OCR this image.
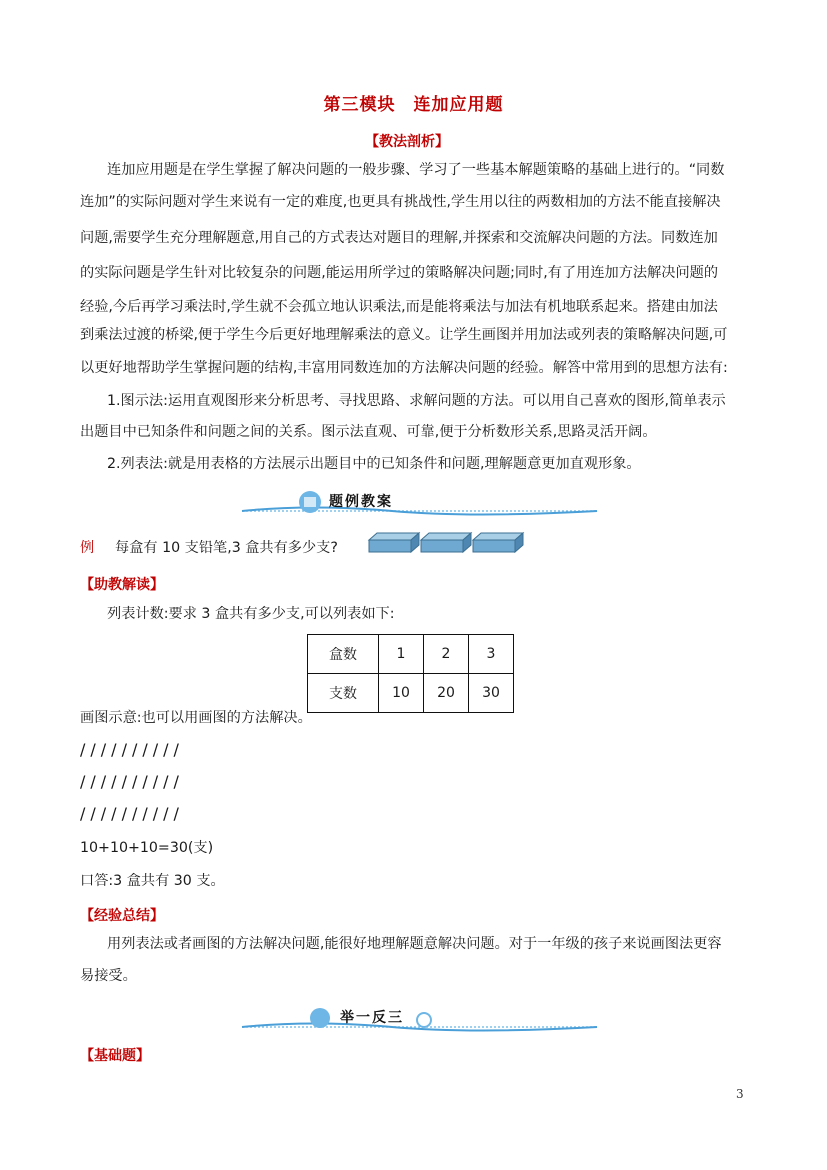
第三模块　连加应用题
【教法剖析】
连加应用题是在学生掌握了解决问题的一般步骤、学习了一些基本解题策略的基础上进行的。“同数
连加”的实际问题对学生来说有一定的难度,也更具有挑战性,学生用以往的两数相加的方法不能直接解决
问题,需要学生充分理解题意,用自己的方式表达对题目的理解,并探索和交流解决问题的方法。同数连加
的实际问题是学生针对比较复杂的问题,能运用所学过的策略解决问题;同时,有了用连加方法解决问题的
经验,今后再学习乘法时,学生就不会孤立地认识乘法,而是能将乘法与加法有机地联系起来。搭建由加法
到乘法过渡的桥梁,便于学生今后更好地理解乘法的意义。让学生画图并用加法或列表的策略解决问题,可
以更好地帮助学生掌握问题的结构,丰富用同数连加的方法解决问题的经验。解答中常用到的思想方法有:
1.图示法:运用直观图形来分析思考、寻找思路、求解问题的方法。可以用自己喜欢的图形,简单表示
出题目中已知条件和问题之间的关系。图示法直观、可靠,便于分析数形关系,思路灵活开阔。
2.列表法:就是用表格的方法展示出题目中的已知条件和问题,理解题意更加直观形象。
题例教案
例 每盒有 10 支铅笔,3 盒共有多少支?
【助教解读】
列表计数:要求 3 盒共有多少支,可以列表如下:
盒数	1	2	3
支数	10	20	30
画图示意:也可以用画图的方法解决。
//////////
//////////
//////////
10+10+10=30(支)
口答:3 盒共有 30 支。
【经验总结】
用列表法或者画图的方法解决问题,能很好地理解题意解决问题。对于一年级的孩子来说画图法更容
易接受。
举一反三
【基础题】
3
